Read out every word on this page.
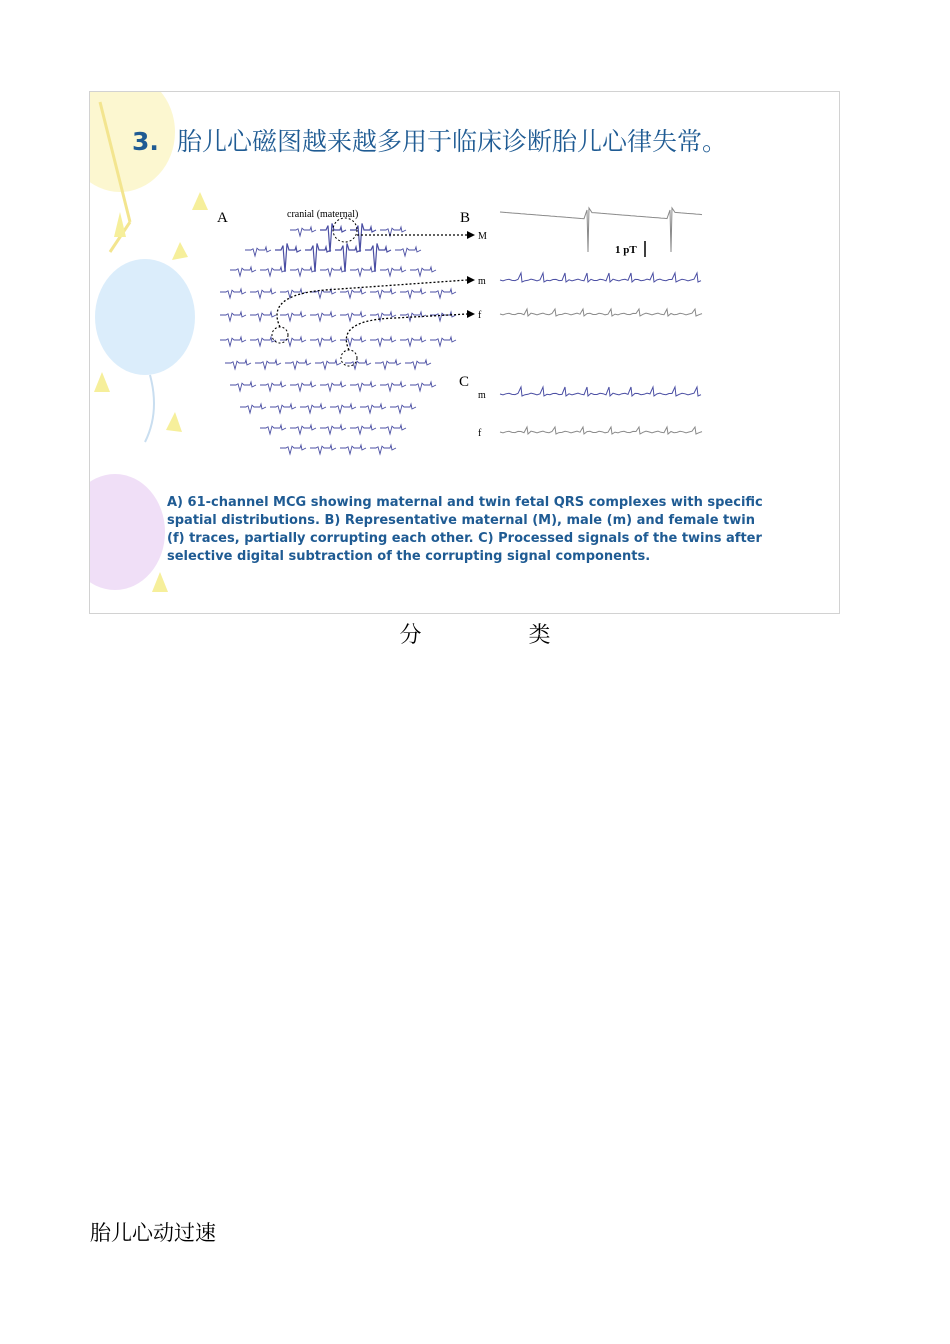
3. 胎儿心磁图越来越多用于临床诊断胎儿心律失常。
A	B
C
cranial (maternal)
M
m
f
m
f
1 pT

A) 61-channel MCG showing maternal and twin fetal QRS complexes with specific spatial distributions. B) Representative maternal (M), male (m) and female twin (f) traces, partially corrupting each other. C) Processed signals of the twins after selective digital subtraction of the corrupting signal components.

分 类
胎儿心动过速
